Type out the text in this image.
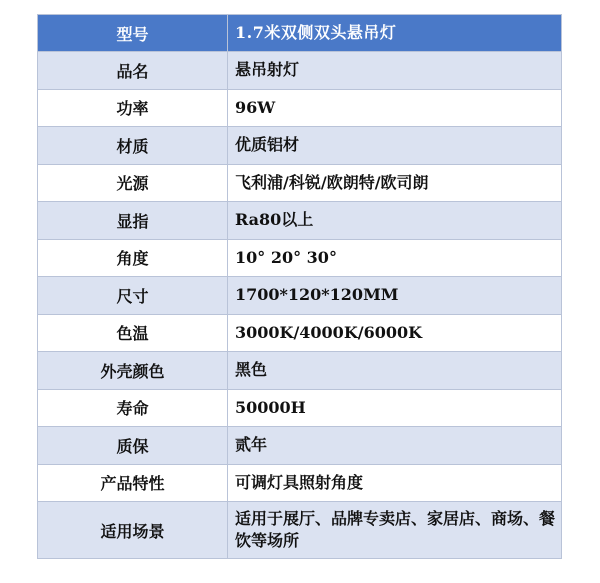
型号	1.7米双侧双头悬吊灯
品名	悬吊射灯
功率	96W
材质	优质铝材
光源	飞利浦/科锐/欧朗特/欧司朗
显指	Ra80以上
角度	10° 20° 30°
尺寸	1700*120*120MM
色温	3000K/4000K/6000K
外壳颜色	黑色
寿命	50000H
质保	贰年
产品特性	可调灯具照射角度
适用场景	适用于展厅、品牌专卖店、家居店、商场、餐饮等场所
